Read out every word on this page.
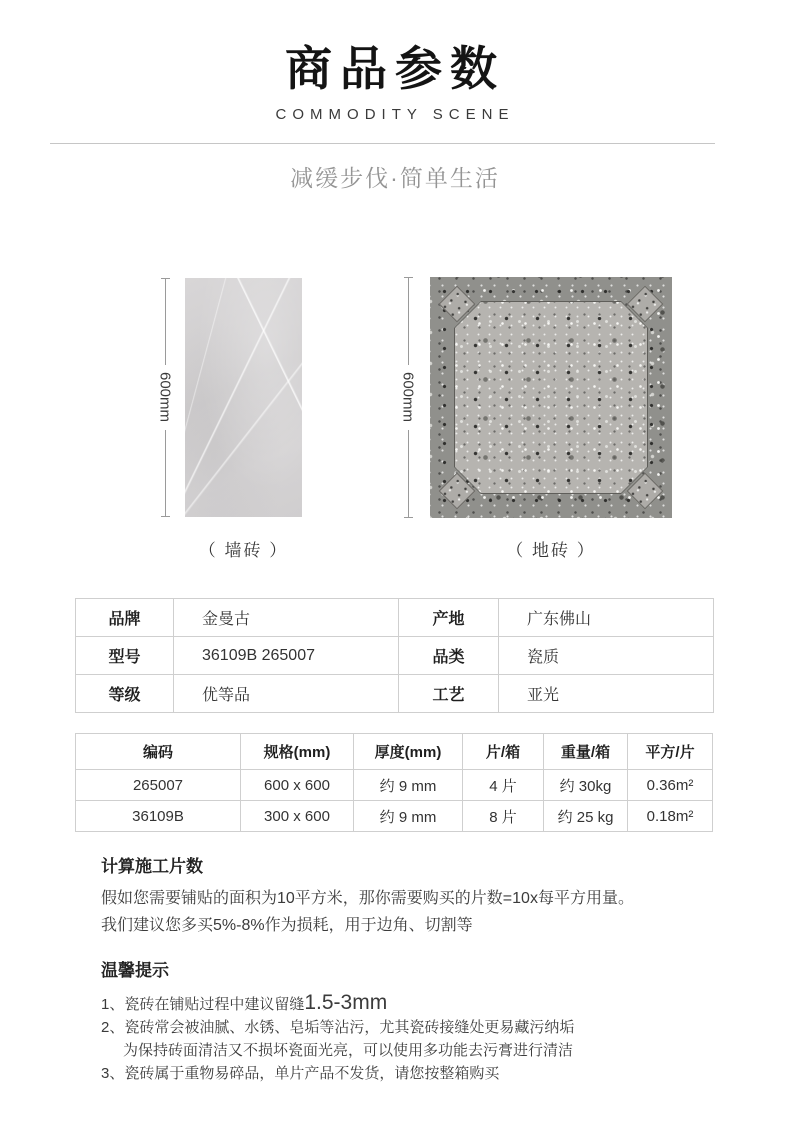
商品参数
COMMODITY SCENE
减缓步伐·简单生活
600mm
（ 墙砖 ）
600mm
（ 地砖 ）
品牌	金曼古	产地	广东佛山
型号	36109B 265007	品类	瓷质
等级	优等品	工艺	亚光
编码	规格(mm)	厚度(mm)	片/箱	重量/箱	平方/片
265007	600 x 600	约 9 mm	4 片	约 30kg	0.36m²
36109B	300 x 600	约 9 mm	8 片	约 25 kg	0.18m²
计算施工片数

假如您需要铺贴的面积为10平方米，那你需要购买的片数=10x每平方用量。

我们建议您多买5%-8%作为损耗，用于边角、切割等

温馨提示

1、瓷砖在铺贴过程中建议留缝1.5-3mm

2、瓷砖常会被油腻、水锈、皂垢等沾污，尤其瓷砖接缝处更易藏污纳垢

为保持砖面清洁又不损坏瓷面光亮，可以使用多功能去污膏进行清洁

3、瓷砖属于重物易碎品，单片产品不发货，请您按整箱购买
